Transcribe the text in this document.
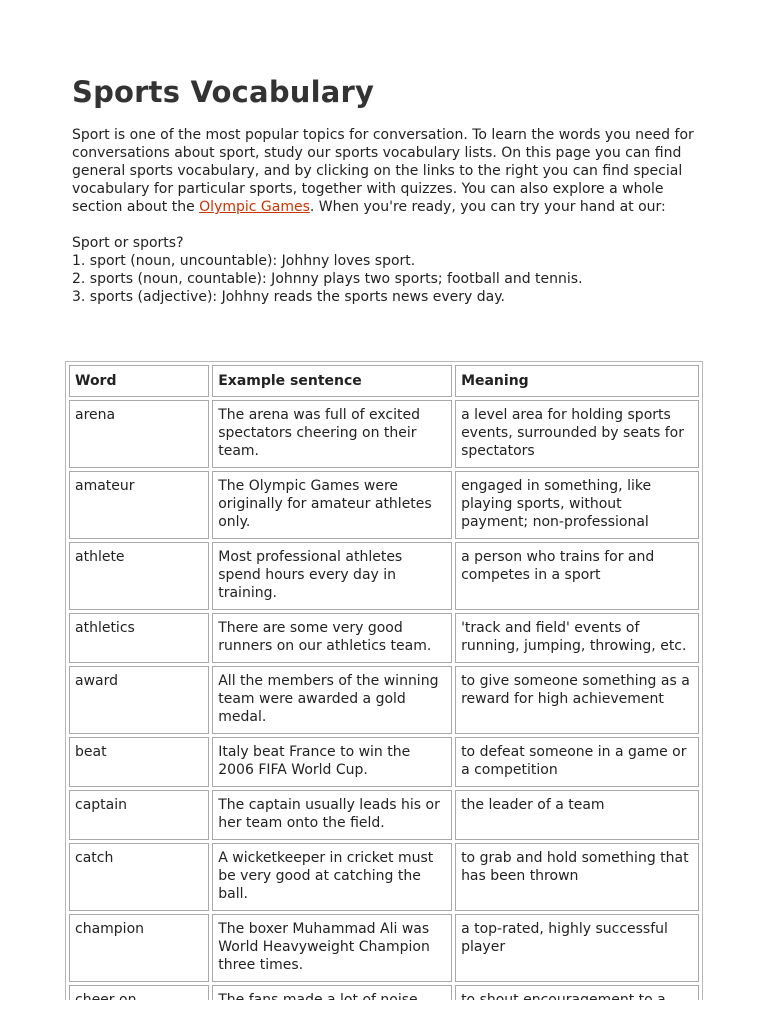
Sports Vocabulary

Sport is one of the most popular topics for conversation. To learn the words you need for conversations about sport, study our sports vocabulary lists. On this page you can find general sports vocabulary, and by clicking on the links to the right you can find special vocabulary for particular sports, together with quizzes. You can also explore a whole section about the Olympic Games. When you're ready, you can try your hand at our:

Sport or sports?
1. sport (noun, uncountable): Johhny loves sport.
2. sports (noun, countable): Johnny plays two sports; football and tennis.
3. sports (adjective): Johhny reads the sports news every day.
Word	Example sentence	Meaning
arena	The arena was full of excited spectators cheering on their team.	a level area for holding sports events, surrounded by seats for spectators
amateur	The Olympic Games were originally for amateur athletes only.	engaged in something, like playing sports, without payment; non-professional
athlete	Most professional athletes spend hours every day in training.	a person who trains for and competes in a sport
athletics	There are some very good runners on our athletics team.	'track and field' events of running, jumping, throwing, etc.
award	All the members of the winning team were awarded a gold medal.	to give someone something as a reward for high achievement
beat	Italy beat France to win the 2006 FIFA World Cup.	to defeat someone in a game or a competition
captain	The captain usually leads his or her team onto the field.	the leader of a team
catch	A wicketkeeper in cricket must be very good at catching the ball.	to grab and hold something that has been thrown
champion	The boxer Muhammad Ali was World Heavyweight Champion three times.	a top-rated, highly successful player
